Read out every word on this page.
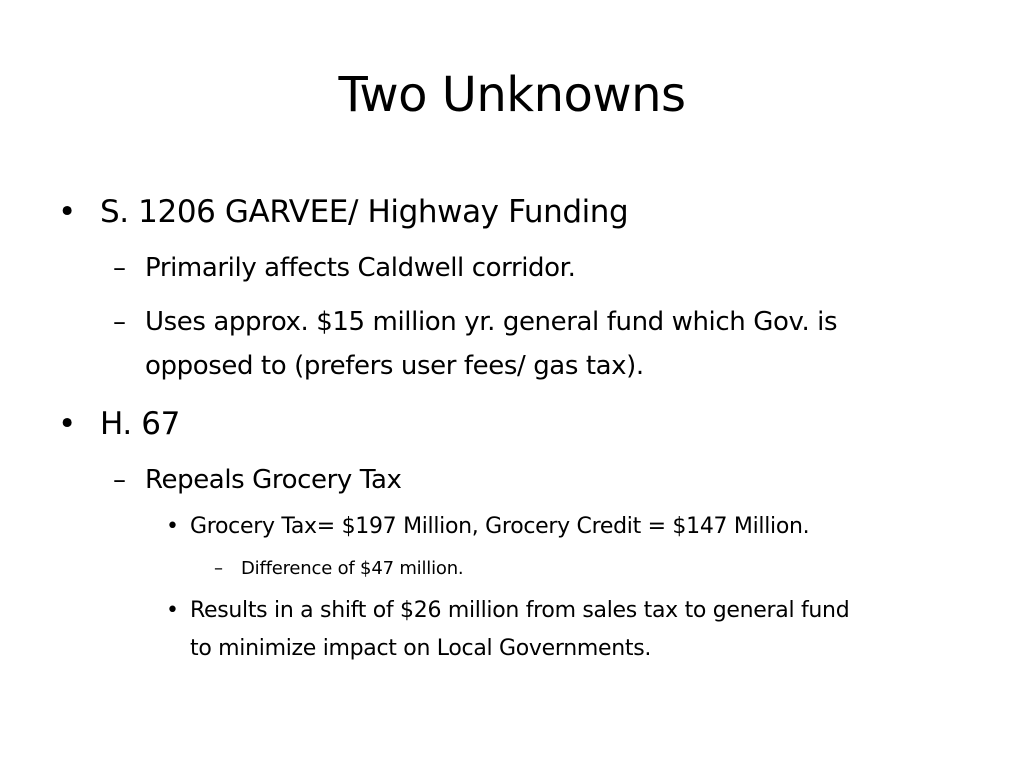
Two Unknowns
• S. 1206 GARVEE/ Highway Funding
– Primarily affects Caldwell corridor.
– Uses approx. $15 million yr. general fund which Gov. is
opposed to (prefers user fees/ gas tax).
• H. 67
– Repeals Grocery Tax
• Grocery Tax= $197 Million, Grocery Credit = $147 Million.
– Difference of $47 million.
• Results in a shift of $26 million from sales tax to general fund
to minimize impact on Local Governments.
